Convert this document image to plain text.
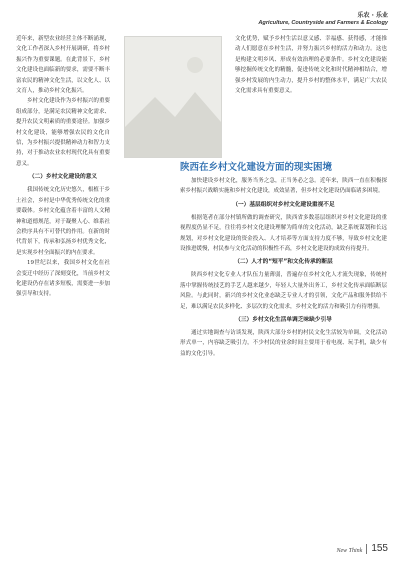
乐农 · 乐业
Agriculture, Countryside and Farmers & Ecology

近年来，新型农业经营主体不断涌现，文化工作者深入乡村开展调研，将乡村振兴作为重要课题。在此背景下，乡村文化建设也面临新的要求，需要不断丰富农民的精神文化生活，以文化人、以文育人，推动乡村文化振兴。

乡村文化建设作为乡村振兴的重要组成部分，是满足农民精神文化需求、提升农民文明素质的重要途径。加强乡村文化建设，能够增强农民的文化自信，为乡村振兴提供精神动力和智力支持，对于推动农业农村现代化具有重要意义。

（二）乡村文化建设的意义

我国传统文化历史悠久，根植于乡土社会，乡村是中华优秀传统文化的重要载体。乡村文化蕴含着丰富的人文精神和道德规范，对于凝聚人心、维系社会秩序具有不可替代的作用。在新的时代背景下，传承和弘扬乡村优秀文化，是实现乡村全面振兴的内在要求。

19世纪以来，我国乡村文化在社会变迁中经历了深刻变化，当前乡村文化建设仍存在诸多短板，需要进一步加强引导和支持。

文化优势，赋予乡村生活以意义感、幸福感、获得感，才能推动人们愿意在乡村生活，并努力振兴乡村的活力和动力。这也是构建文明乡风、形成有效治理的必要条件。乡村文化建设能够挖掘传统文化的精髓，促进传统文化和时代精神相结合，增强乡村发展的内生动力，提升乡村的整体水平，满足广大农民文化需求具有重要意义。

陕西在乡村文化建设方面的现实困境

加快建设乡村文化，服务当务之急，正当务必之急。近年来，陕西一直在积极探索乡村振兴战略实施和乡村文化建设，成效显著，但乡村文化建设仍面临诸多困境。

（一）基层组织对乡村文化建设重视不足

根据笔者在部分村镇所做的调查研究，陕西省多数基层组织对乡村文化建设的重视程度仍显不足，往往将乡村文化建设理解为简单的文化活动，缺乏系统谋划和长远规划，对乡村文化建设的资金投入、人才培养等方面支持力度不够，导致乡村文化建设推进缓慢，村民参与文化活动的积极性不高，乡村文化建设的成效有待提升。

（二）人才的“短平”和文化传承的断层

陕西乡村文化专业人才队伍力量薄弱，普遍存在乡村文化人才流失现象，传统村落中掌握传统技艺的手艺人越来越少，年轻人大量外出务工，乡村文化传承面临断层风险。与此同时，新兴的乡村文化业态缺乏专业人才的引领，文化产品和服务供给不足，难以满足农民多样化、多层次的文化需求，乡村文化的活力和吸引力有待增强。

（三）乡村文化生活单调乏味缺少引导

通过实地调查与访谈发现，陕西大部分乡村的村民文化生活较为单调，文化活动形式单一，内容缺乏吸引力，不少村民的业余时间主要用于看电视、玩手机，缺少有益的文化引导。

New Think 155
